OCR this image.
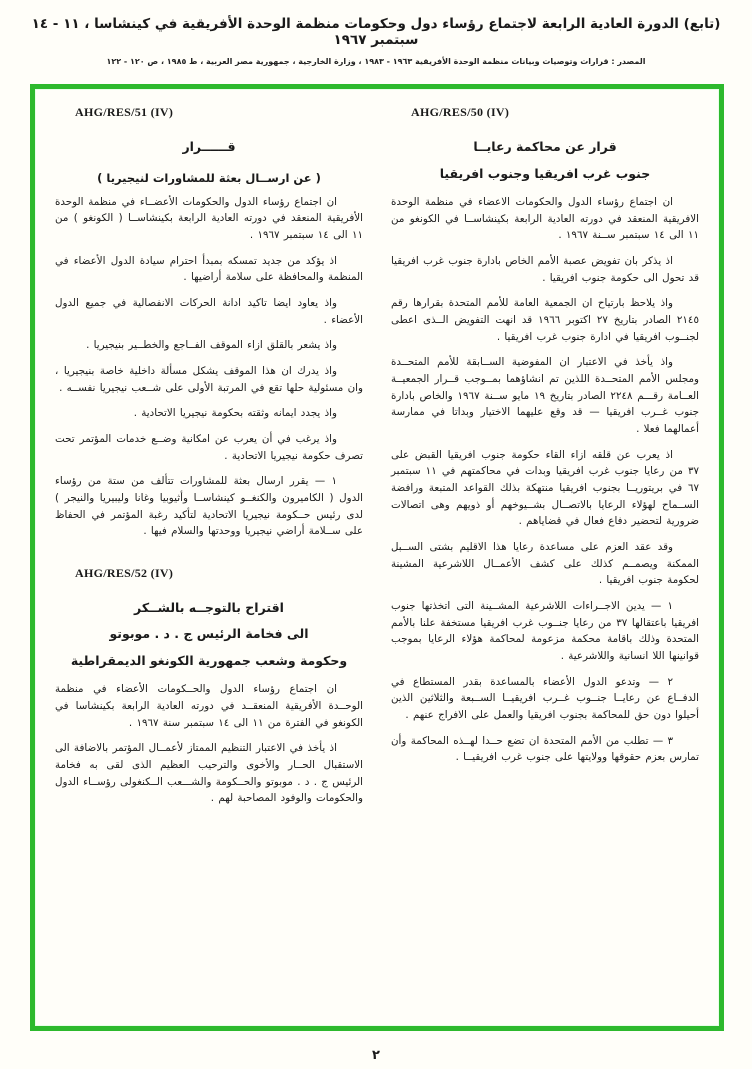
(تابع) الدورة العادية الرابعة لاجتماع رؤساء دول وحكومات منظمة الوحدة الأفريقية في كينشاسا ، ١١ - ١٤ سبتمبر ١٩٦٧
المصدر : قرارات وتوصيات وبيانات منظمة الوحدة الأفريقية ١٩٦٣ - ١٩٨٣ ، وزارة الخارجية ، جمهورية مصر العربية ، ط ١٩٨٥ ، ص ١٢٠ - ١٢٢
AHG/RES/50 (IV)
قرار عن محاكمة رعايــا
جنوب غرب افريقيا وجنوب افريقيا

ان اجتماع رؤساء الدول والحكومات الاعضاء في منظمة الوحدة الافريقية المنعقد في دورته العادية الرابعة بكينشاســا في الكونغو من ١١ الى ١٤ سبتمبر ســنة ١٩٦٧ .

اذ يذكر بان تفويض عصبة الأمم الخاص بادارة جنوب غرب افريقيا قد تحول الى حكومة جنوب افريقيا .

واذ يلاحظ بارتياح ان الجمعية العامة للأمم المتحدة بقرارها رقم ٢١٤٥ الصادر بتاريخ ٢٧ اكتوبر ١٩٦٦ قد انهت التفويض الــذى اعطى لجنــوب افريقيا في ادارة جنوب غرب افريقيا .

واذ يأخذ في الاعتبار ان المفوضية الســابقة للأمم المتحــدة ومجلس الأمم المتحــدة اللذين تم انشاؤهما بمــوجب قــرار الجمعيــة العــامة رقـــم ٢٢٤٨ الصادر بتاريخ ١٩ مايو ســنة ١٩٦٧ والخاص بادارة جنوب غــرب افريقيا — قد وقع عليهما الاختيار وبداتا في ممارسة أعمالهما فعلا .

اذ يعرب عن قلقه ازاء القاء حكومة جنوب افريقيا القبض على ٣٧ من رعايا جنوب غرب افريقيا وبدات في محاكمتهم في ١١ سبتمبر ٦٧ في بريتوريــا بجنوب افريقيا منتهكة بذلك القواعد المتبعة ورافضة الســماح لهؤلاء الرعايا بالاتصــال بشــيوخهم أو ذويهم وهى اتصالات ضرورية لتحضير دفاع فعال في قضاياهم .

وقد عقد العزم على مساعدة رعايا هذا الاقليم بشتى الســبل الممكنة ويصمــم كذلك على كشف الأعمــال اللاشرعية المشينة لحكومة جنوب افريقيا .

١ — يدين الاجــراءات اللاشرعية المشــينة التى اتخذتها جنوب افريقيا باعتقالها ٣٧ من رعايا جنــوب غرب افريقيا مستخفة علنا بالأمم المتحدة وذلك باقامة محكمة مزعومة لمحاكمة هؤلاء الرعايا بموجب قوانينها اللا انسانية واللاشرعية .

٢ — وتدعو الدول الأعضاء بالمساعدة بقدر المستطاع في الدفــاع عن رعايــا جنــوب غــرب افريقيــا الســبعة والثلاثين الذين أحيلوا دون حق للمحاكمة بجنوب افريقيا والعمل على الافراج عنهم .

٣ — تطلب من الأمم المتحدة ان تضع حــدا لهــذه المحاكمة وأن تمارس بعزم حقوقها وولايتها على جنوب غرب افريقيــا .

AHG/RES/51 (IV)
قــــــرار
( عن ارســال بعثة للمشاورات لنيجيريا )

ان اجتماع رؤساء الدول والحكومات الأعضــاء في منظمة الوحدة الأفريقية المنعقد في دورته العادية الرابعة بكينشاســا ( الكونغو ) من ١١ الى ١٤ سبتمبر ١٩٦٧ .

اذ يؤكد من جديد تمسكه بمبدأ احترام سيادة الدول الأعضاء في المنظمة والمحافظة على سلامة أراضيها .

واذ يعاود ايضا تاكيد ادانة الحركات الانفصالية في جميع الدول الأعضاء .

واذ يشعر بالقلق ازاء الموقف الفــاجع والخطــير بنيجيريا .

واذ يدرك ان هذا الموقف يشكل مسألة داخلية خاصة بنيجيريا ، وان مسئولية حلها تقع في المرتبة الأولى على شــعب نيجيريا نفســه .

واذ يجدد ايمانه وثقته بحكومة نيجيريا الاتحادية .

واذ يرغب في أن يعرب عن امكانية وضــع خدمات المؤتمر تحت تصرف حكومة نيجيريا الاتحادية .

١ — يقرر ارسال بعثة للمشاورات تتألف من ستة من رؤساء الدول ( الكاميرون والكنغــو كينشاســا وأثيوبيا وغانا وليبيريا والنيجر ) لدى رئيس حــكومة نيجيريا الاتحادية لتأكيد رغبة المؤتمر في الحفاظ على ســلامة أراضي نيجيريا ووحدتها والسلام فيها .

AHG/RES/52 (IV)
اقتراح بالتوجــه بالشــكر
الى فخامة الرئيس ج . د . موبوتو
وحكومة وشعب جمهورية الكونغو الديمقراطية

ان اجتماع رؤساء الدول والحــكومات الأعضاء في منظمة الوحــدة الأفريقية المنعقــد في دورته العادية الرابعة بكينشاسا في الكونغو في الفترة من ١١ الى ١٤ سبتمبر سنة ١٩٦٧ .

اذ يأخذ في الاعتبار التنظيم الممتاز لأعمــال المؤتمر بالاضافة الى الاستقبال الحــار والأخوى والترحيب العظيم الذى لقى به فخامة الرئيس ج . د . موبوتو والحــكومة والشـــعب الــكنغولى رؤســاء الدول والحكومات والوفود المصاحبة لهم .

٢
